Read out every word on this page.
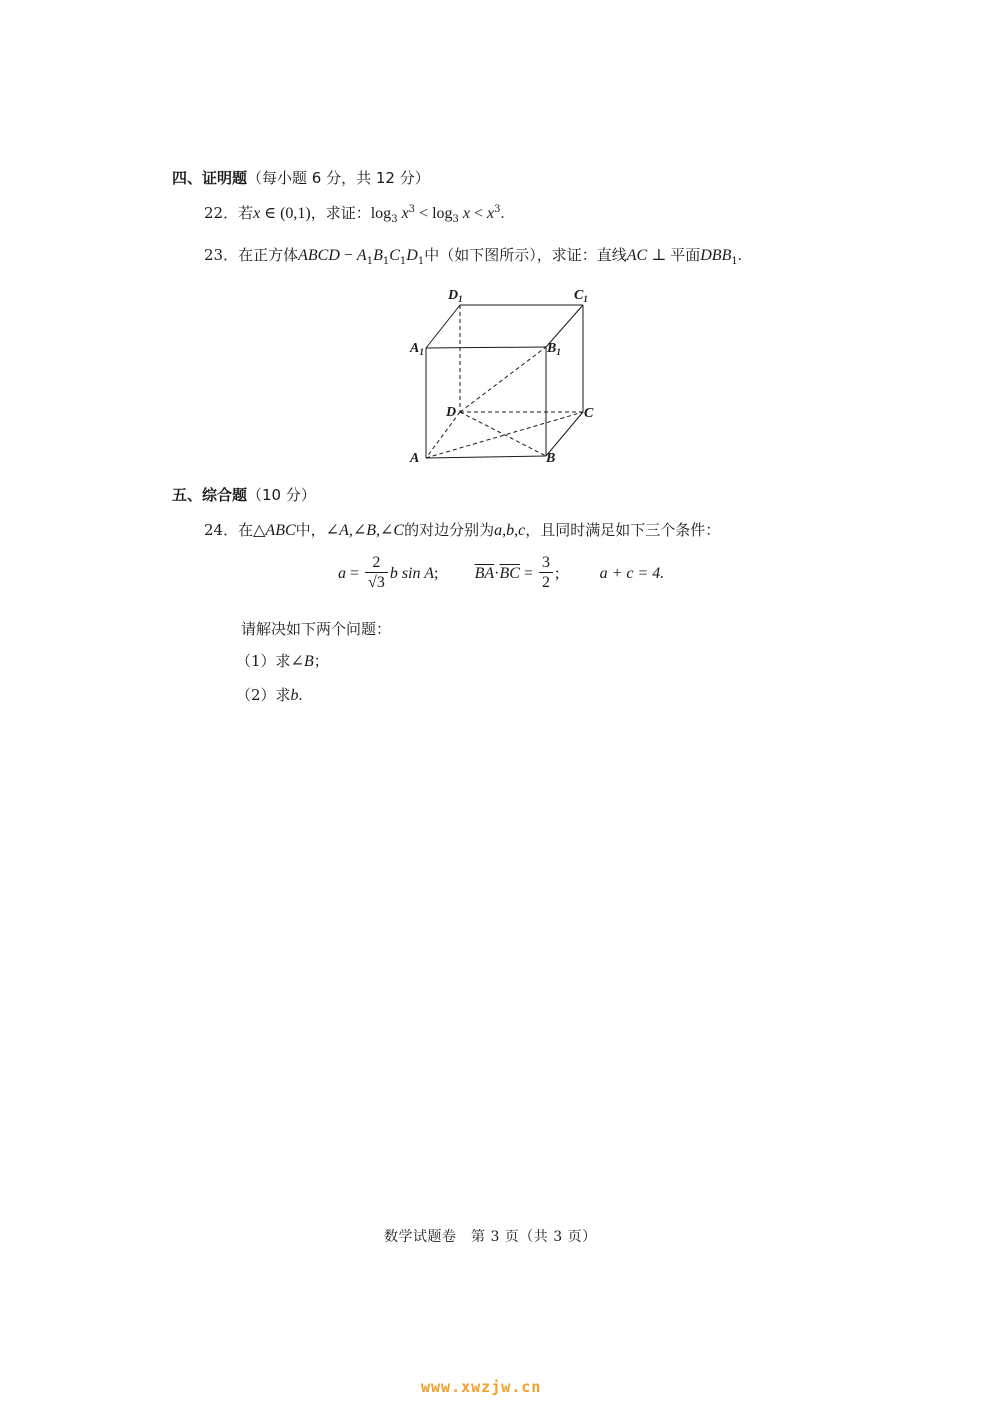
四、证明题（每小题 6 分，共 12 分）
22．若x ∈ (0,1)，求证：$\log_3 x^3 < \log_3 x < x^3$.
23．在正方体ABCD − $A_1B_1C_1D_1$中（如下图所示），求证：直线AC ⊥ 平面$DBB_1$.
$D_1$	$C_1$
$A_1$	$B_1$
D	C
A	B
五、综合题（10 分）
24．在△ABC中，∠A,∠B,∠C的对边分别为a,b,c，且同时满足如下三个条件：
$a = \frac{2}{√3}$ b sin A; $\overline{BA}\cdot\overline{BC} = \frac{3}{2}$ ;	a + c = 4.
请解决如下两个问题：
（1）求∠B；
（2）求b.
数学试题卷　第 3 页（共 3 页）
www.xwzjw.cn
